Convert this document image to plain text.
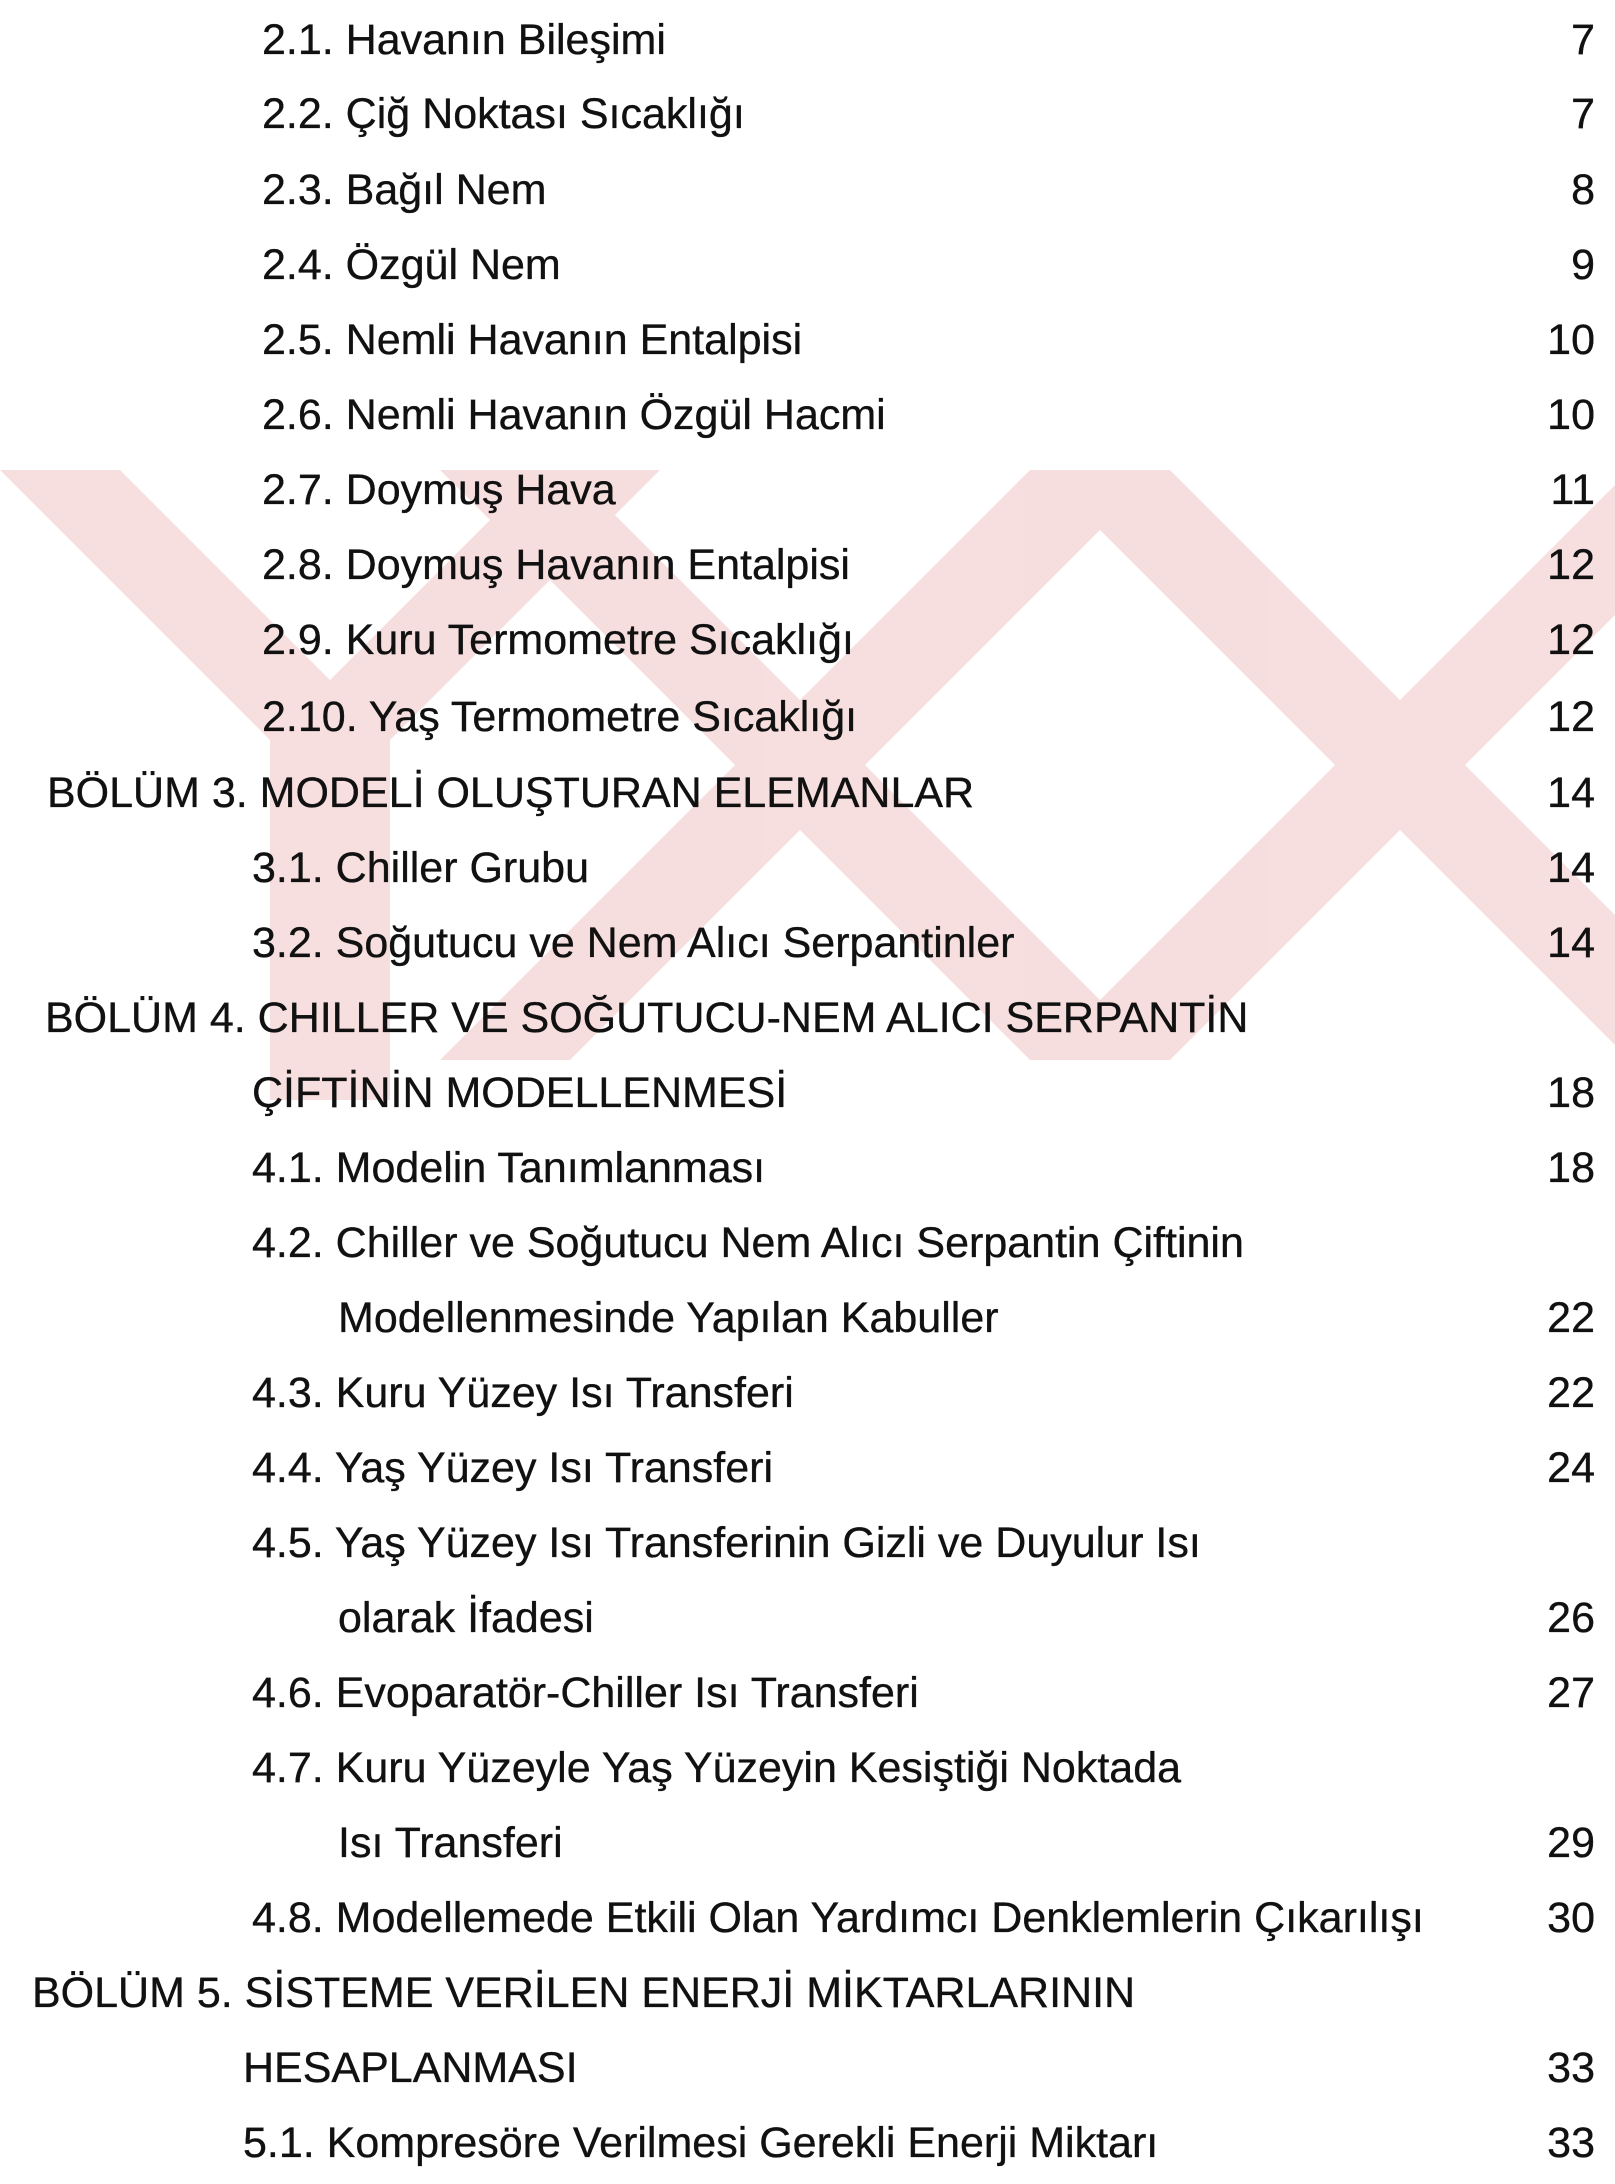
2.1. Havanın Bileşimi	7
2.2. Çiğ Noktası Sıcaklığı	7
2.3. Bağıl Nem	8
2.4. Özgül Nem	9
2.5. Nemli Havanın Entalpisi	10
2.6. Nemli Havanın Özgül Hacmi	10
2.7. Doymuş Hava	11
2.8. Doymuş Havanın Entalpisi	12
2.9. Kuru Termometre Sıcaklığı	12
2.10. Yaş Termometre Sıcaklığı	12
BÖLÜM 3. MODELİ OLUŞTURAN ELEMANLAR	14
3.1. Chiller Grubu	14
3.2. Soğutucu ve Nem Alıcı Serpantinler	14
BÖLÜM 4. CHILLER VE SOĞUTUCU-NEM ALICI SERPANTİN
ÇİFTİNİN MODELLENMESİ	18
4.1. Modelin Tanımlanması	18
4.2. Chiller ve Soğutucu Nem Alıcı Serpantin Çiftinin
Modellenmesinde Yapılan Kabuller	22
4.3. Kuru Yüzey Isı Transferi	22
4.4. Yaş Yüzey Isı Transferi	24
4.5. Yaş Yüzey Isı Transferinin Gizli ve Duyulur Isı
olarak İfadesi	26
4.6. Evoparatör-Chiller Isı Transferi	27
4.7. Kuru Yüzeyle Yaş Yüzeyin Kesiştiği Noktada
Isı Transferi	29
4.8. Modellemede Etkili Olan Yardımcı Denklemlerin Çıkarılışı	30
BÖLÜM 5. SİSTEME VERİLEN ENERJİ MİKTARLARININ
HESAPLANMASI	33
5.1. Kompresöre Verilmesi Gerekli Enerji Miktarı	33
